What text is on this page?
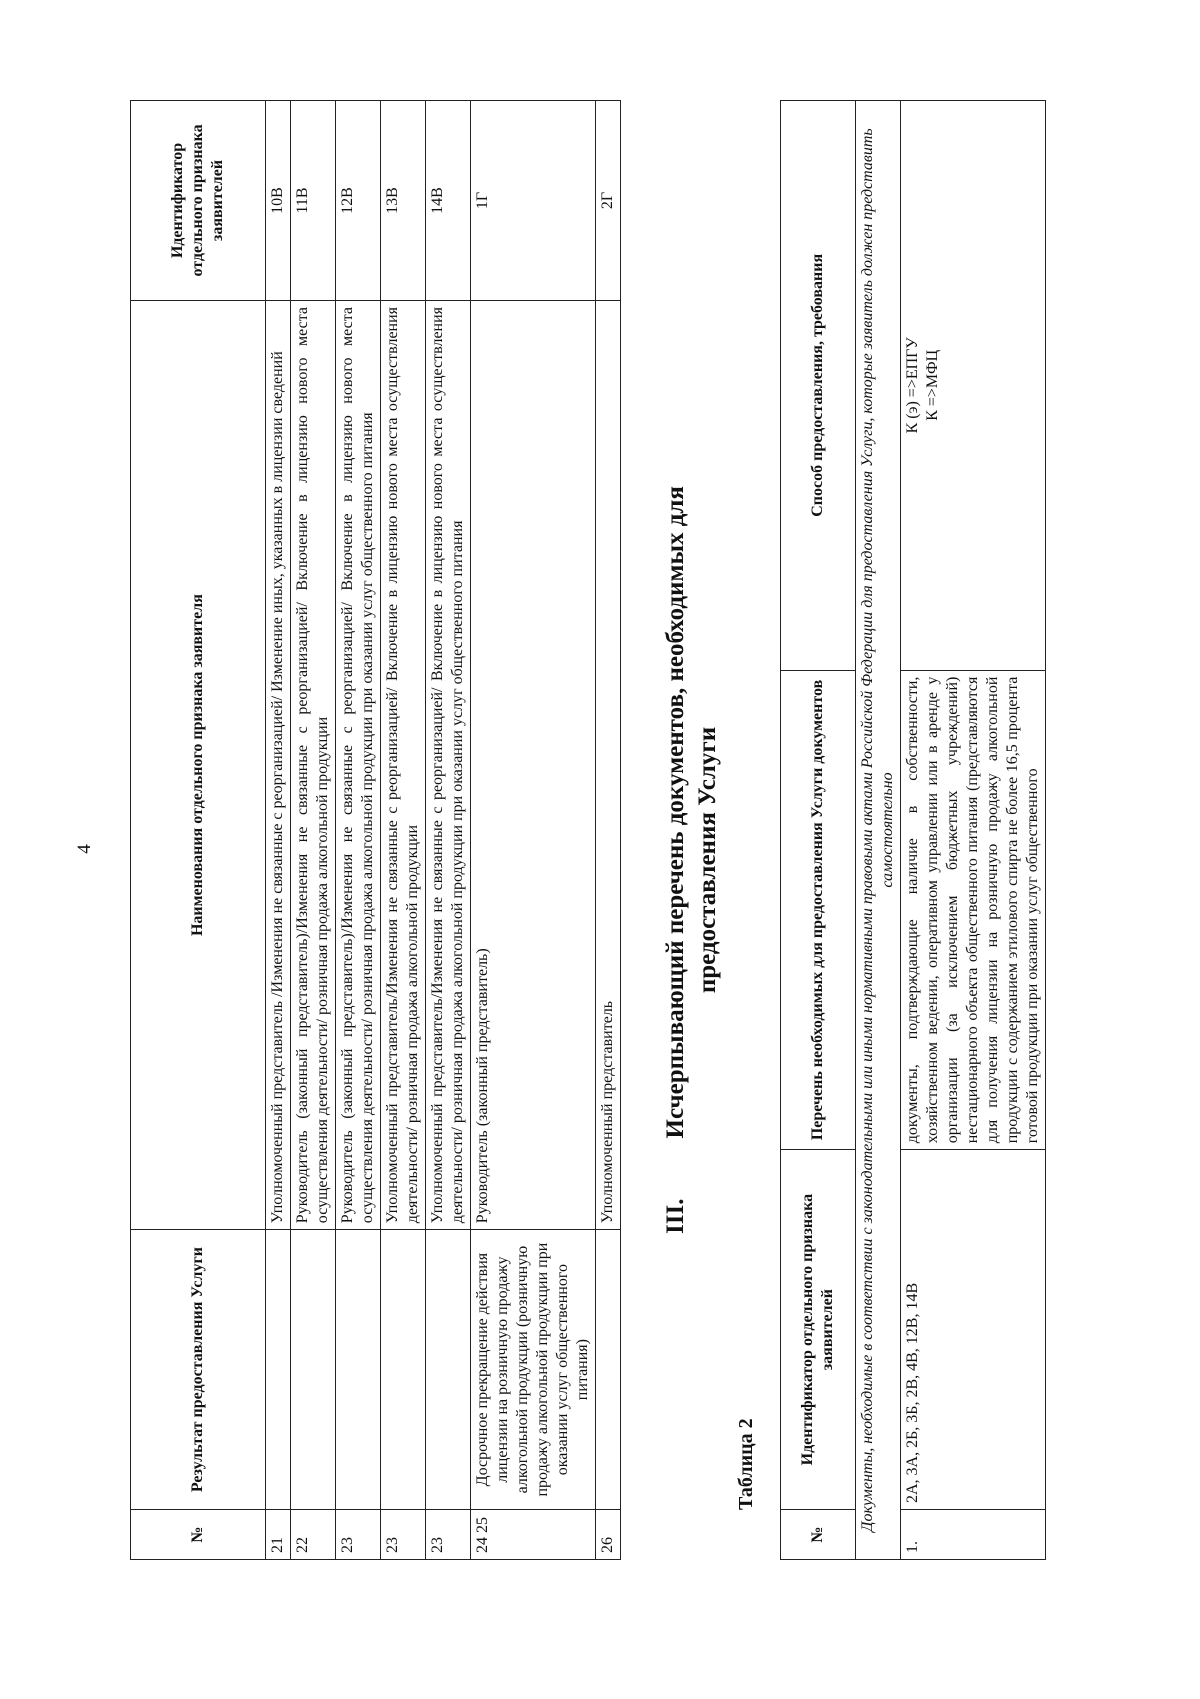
4
№	Результат предоставления Услуги	Наименования отдельного признака заявителя	Идентификатор отдельного признака заявителей
21		Уполномоченный представитель /Изменения не связанные с реорганизацией/ Изменение иных, указанных в лицензии сведений	10В
22		Руководитель (законный представитель)/Изменения не связанные с реорганизацией/ Включение в лицензию нового места осуществления деятельности/ розничная продажа алкогольной продукции	11В
23		Руководитель (законный представитель)/Изменения не связанные с реорганизацией/ Включение в лицензию нового места осуществления деятельности/ розничная продажа алкогольной продукции при оказании услуг общественного питания	12В
23		Уполномоченный представитель/Изменения не связанные с реорганизацией/ Включение в лицензию нового места осуществления деятельности/ розничная продажа алкогольной продукции	13В
23		Уполномоченный представитель/Изменения не связанные с реорганизацией/ Включение в лицензию нового места осуществления деятельности/ розничная продажа алкогольной продукции при оказании услуг общественного питания	14В
24 25	Досрочное прекращение действия лицензии на розничную продажу алкогольной продукции (розничную продажу алкогольной продукции при оказании услуг общественного питания)	Руководитель (законный представитель)	1Г
26		Уполномоченный представитель	2Г
III.Исчерпывающий перечень документов, необходимых для предоставления Услуги
Таблица 2
№	Идентификатор отдельного признака заявителей	Перечень необходимых для предоставления Услуги документов	Способ предоставления, требования
Документы, необходимые в соответствии с законодательными или иными нормативными правовыми актами Российской Федерации для предоставления Услуги, которые заявитель должен представить самостоятельно			
1.	2А, 3А, 2Б, 3Б, 2В, 4В, 12В, 14В	документы, подтверждающие наличие в собственности, хозяйственном ведении, оперативном управлении или в аренде у организации (за исключением бюджетных учреждений) нестационарного объекта общественного питания (представляются для получения лицензии на розничную продажу алкогольной продукции с содержанием этилового спирта не более 16,5 процента готовой продукции при оказании услуг общественного	К (э) =>ЕПГУ К =>МФЦ
